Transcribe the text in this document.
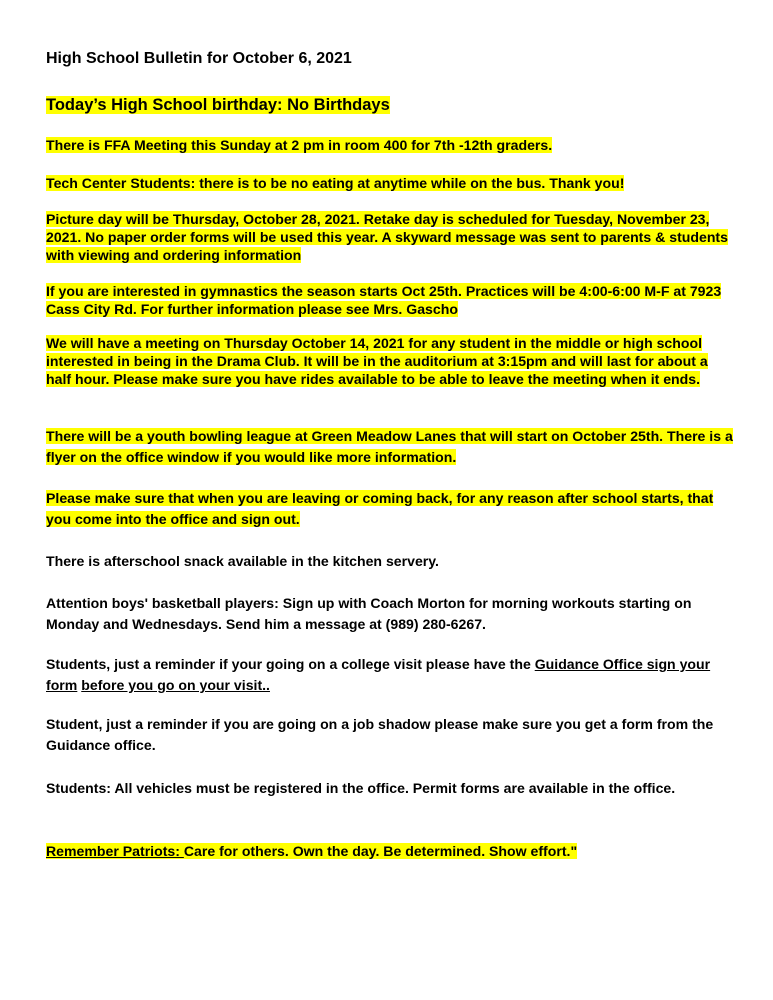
High School Bulletin for October 6, 2021
Today’s High School birthday: No Birthdays

There is FFA Meeting this Sunday at 2 pm in room 400 for 7th -12th graders.

Tech Center Students: there is to be no eating at anytime while on the bus. Thank you!

Picture day will be Thursday, October 28, 2021. Retake day is scheduled for Tuesday, November 23, 2021. No paper order forms will be used this year. A skyward message was sent to parents & students with viewing and ordering information

If you are interested in gymnastics the season starts Oct 25th. Practices will be 4:00-6:00 M-F at 7923 Cass City Rd. For further information please see Mrs. Gascho

We will have a meeting on Thursday October 14, 2021 for any student in the middle or high school interested in being in the Drama Club. It will be in the auditorium at 3:15pm and will last for about a half hour. Please make sure you have rides available to be able to leave the meeting when it ends.

There will be a youth bowling league at Green Meadow Lanes that will start on October 25th. There is a flyer on the office window if you would like more information.

Please make sure that when you are leaving or coming back, for any reason after school starts, that you come into the office and sign out.

There is afterschool snack available in the kitchen servery.

Attention boys' basketball players: Sign up with Coach Morton for morning workouts starting on Monday and Wednesdays. Send him a message at (989) 280-6267.

Students, just a reminder if your going on a college visit please have the Guidance Office sign your form before you go on your visit..

Student, just a reminder if you are going on a job shadow please make sure you get a form from the Guidance office.

Students: All vehicles must be registered in the office. Permit forms are available in the office.

Remember Patriots: Care for others. Own the day. Be determined. Show effort."
